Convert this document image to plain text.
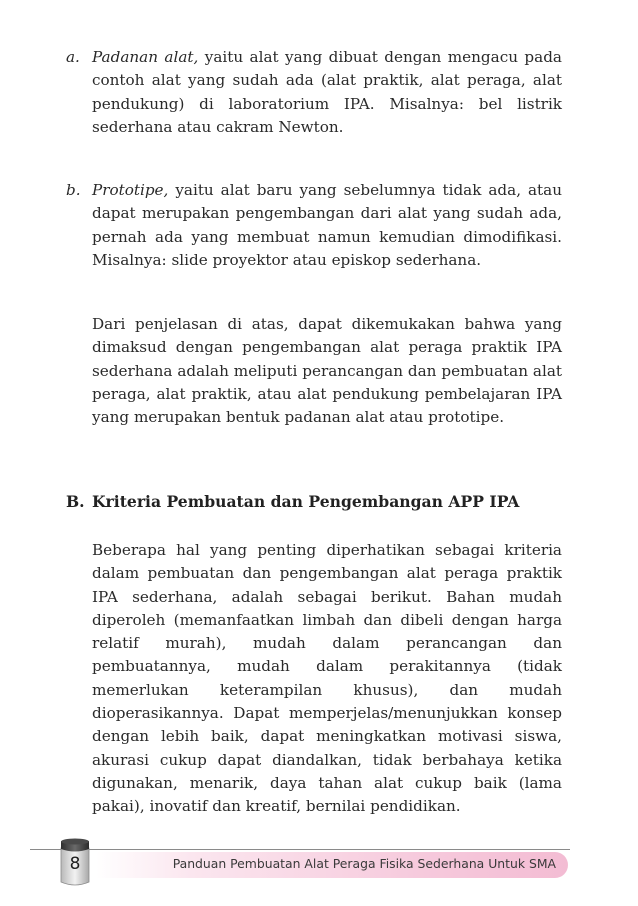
a. Padanan alat, yaitu alat yang dibuat dengan mengacu pada contoh alat yang sudah ada (alat praktik, alat peraga, alat pendukung) di laboratorium IPA. Misalnya: bel listrik sederhana atau cakram Newton.
b. Prototipe, yaitu alat baru yang sebelumnya tidak ada, atau dapat merupakan pengembangan dari alat yang sudah ada, pernah ada yang membuat namun kemudian dimodifikasi. Misalnya: slide proyektor atau episkop sederhana.
Dari penjelasan di atas, dapat dikemukakan bahwa yang dimaksud dengan pengembangan alat peraga praktik IPA sederhana adalah meliputi perancangan dan pembuatan alat peraga, alat praktik, atau alat pendukung pembelajaran IPA yang merupakan bentuk padanan alat atau prototipe.
B. Kriteria Pembuatan dan Pengembangan APP IPA
Beberapa hal yang penting diperhatikan sebagai kriteria dalam pembuatan dan pengembangan alat peraga praktik IPA sederhana, adalah sebagai berikut. Bahan mudah diperoleh (memanfaatkan limbah dan dibeli dengan harga relatif murah), mudah dalam perancangan dan pembuatannya, mudah dalam perakitannya (tidak memerlukan keterampilan khusus), dan mudah dioperasikannya. Dapat memperjelas/menunjukkan konsep dengan lebih baik, dapat meningkatkan motivasi siswa, akurasi cukup dapat diandalkan, tidak berbahaya ketika digunakan, menarik, daya tahan alat cukup baik (lama pakai), inovatif dan kreatif, bernilai pendidikan.
Panduan Pembuatan Alat Peraga Fisika Sederhana Untuk SMA
8
